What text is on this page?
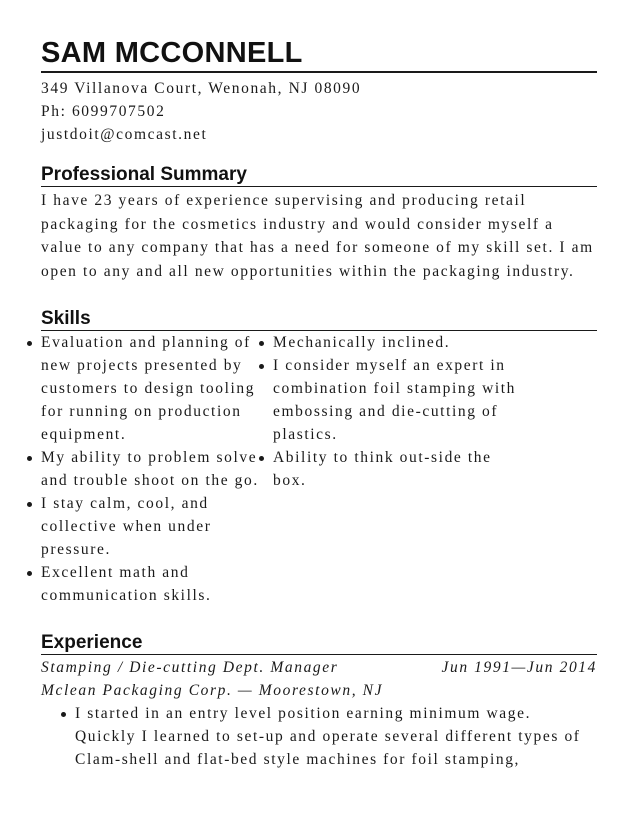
SAM MCCONNELL
349 Villanova Court, Wenonah, NJ 08090
Ph: 6099707502
justdoit@comcast.net
Professional Summary
I have 23 years of experience supervising and producing retail packaging for the cosmetics industry and would consider myself a value to any company that has a need for someone of my skill set. I am open to any and all new opportunities within the packaging industry.
Skills
Evaluation and planning of new projects presented by customers to design tooling for running on production equipment.
My ability to problem solve and trouble shoot on the go.
I stay calm, cool, and collective when under pressure.
Excellent math and communication skills.
Mechanically inclined.
I consider myself an expert in combination foil stamping with embossing and die-cutting of plastics.
Ability to think out-side the box.
Experience
Stamping / Die-cutting Dept. Manager	Jun 1991—Jun 2014
Mclean Packaging Corp. — Moorestown, NJ
I started in an entry level position earning minimum wage. Quickly I learned to set-up and operate several different types of Clam-shell and flat-bed style machines for foil stamping,
